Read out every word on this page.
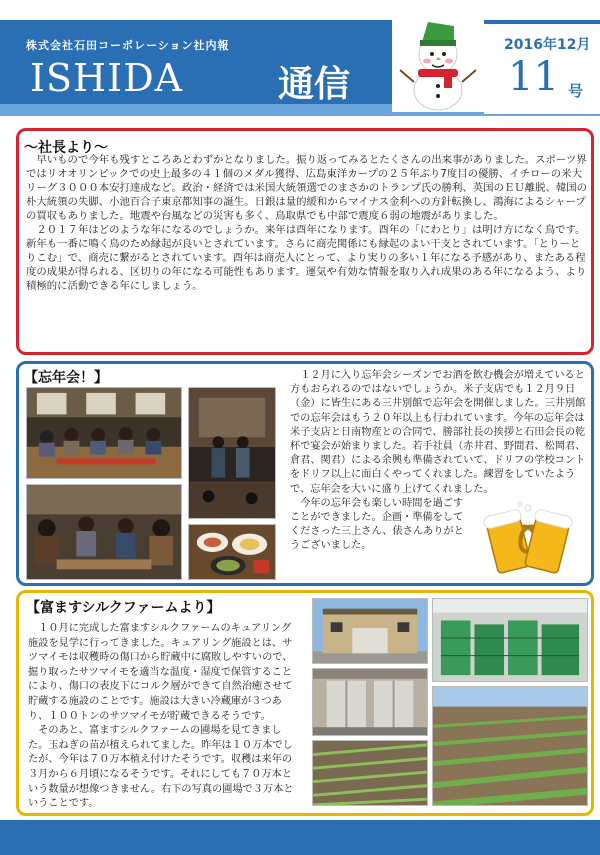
株式会社石田コーポレーション社内報
ISHIDA	通信
2016年12月
11 号
～社長より～

早いもので今年も残すところあとわずかとなりました。振り返ってみるとたくさんの出来事がありました。スポーツ界ではリオオリンピックでの史上最多の４１個のメダル獲得、広島東洋カープの２５年ぶり7度目の優勝、イチローの米大リーグ３０００本安打達成など。政治・経済では米国大統領選でのまさかのトランプ氏の勝利、英国のＥＵ離脱、韓国の朴大統領の失脚、小池百合子東京都知事の誕生。日銀は量的緩和からマイナス金利への方針転換し、鴻海によるシャープの買収もありました。地震や台風などの災害も多く、鳥取県でも中部で震度６弱の地震がありました。

２０１７年はどのような年になるのでしょうか。来年は酉年になります。酉年の「にわとり」は明け方になく鳥です。新年も一番に鳴く鳥のため縁起が良いとされています。さらに商売関係にも縁起のよい干支とされています。「とりーとりこむ」で、商売に繋がるとされています。酉年は商売人にとって、より実りの多い１年になる予感があり、またある程度の成果が得られる、区切りの年になる可能性もあります。運気や有効な情報を取り入れ成果のある年になるよう、より積極的に活動できる年にしましょう。

【忘年会！】	１２月に入り忘年会シーズンでお酒を飲む機会が増えていると方もおられるのではないでしょうか。米子支店でも１２月９日（金）に皆生にある三井別館で忘年会を開催しました。三井別館での忘年会はもう２０年以上も行われています。今年の忘年会は米子支店と日南物産との合同で、勝部社長の挨拶と石田会長の乾杯で宴会が始まりました。若手社員（赤井君、野間君、松岡君、倉君、関君）による余興も準備されていて、ドリフの学校コントをドリフ以上に面白くやってくれました。練習をしていたようで、忘年会を大いに盛り上げてくれました。

今年の忘年会も楽しい時間を過ごすことができました。企画・準備をしてくださった三上さん、俵さんありがとうございました。

【富ますシルクファームより】

１０月に完成した富ますシルクファームのキュアリング施設を見学に行ってきました。キュアリング施設とは、サツマイモは収穫時の傷口から貯蔵中に腐敗しやすいので、掘り取ったサツマイモを適当な温度・湿度で保管することにより、傷口の表皮下にコルク層ができて自然治癒させて貯蔵する施設のことです。施設は大きい冷蔵庫が３つあり、１００トンのサツマイモが貯蔵できるそうです。

そのあと、富ますシルクファームの圃場を見てきました。玉ねぎの苗が植えられてました。昨年は１０万本でしたが、今年は７０万本植え付けたそうです。収穫は来年の３月から６月頃になるそうです。それにしても７０万本という数量が想像つきません。右下の写真の圃場で３万本ということです。
